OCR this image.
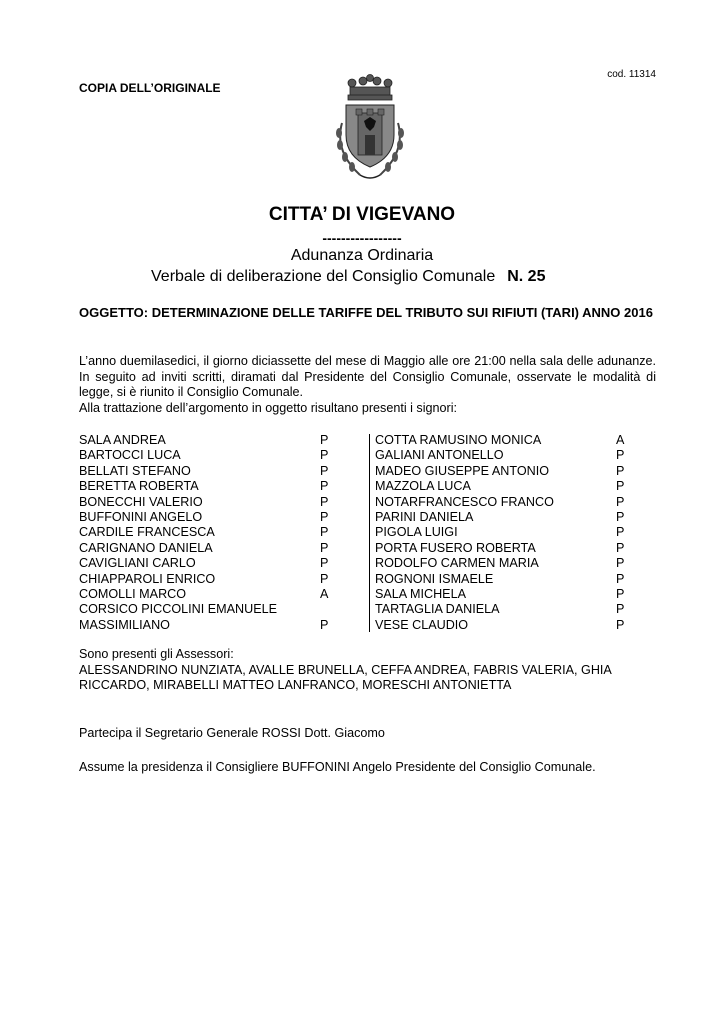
cod. 11314
COPIA DELL’ORIGINALE
CITTA’ DI VIGEVANO
-----------------
Adunanza Ordinaria
Verbale di deliberazione del Consiglio Comunale N. 25
OGGETTO: DETERMINAZIONE DELLE TARIFFE DEL TRIBUTO SUI RIFIUTI (TARI) ANNO 2016

L’anno duemilasedici, il giorno diciassette del mese di Maggio alle ore 21:00 nella sala delle adunanze. In seguito ad inviti scritti, diramati dal Presidente del Consiglio Comunale, osservate le modalità di legge, si è riunito il Consiglio Comunale.

Alla trattazione dell’argomento in oggetto risultano presenti i signori:

SALA ANDREA	P
BARTOCCI LUCA	P
BELLATI STEFANO	P
BERETTA ROBERTA	P
BONECCHI VALERIO	P
BUFFONINI ANGELO	P
CARDILE FRANCESCA	P
CARIGNANO DANIELA	P
CAVIGLIANI CARLO	P
CHIAPPAROLI ENRICO	P
COMOLLI MARCO	A
CORSICO PICCOLINI EMANUELE
MASSIMILIANO	P
COTTA RAMUSINO MONICA	A
GALIANI ANTONELLO	P
MADEO GIUSEPPE ANTONIO	P
MAZZOLA LUCA	P
NOTARFRANCESCO FRANCO	P
PARINI DANIELA	P
PIGOLA LUIGI	P
PORTA FUSERO ROBERTA	P
RODOLFO CARMEN MARIA	P
ROGNONI ISMAELE	P
SALA MICHELA	P
TARTAGLIA DANIELA	P
VESE CLAUDIO	P

Sono presenti gli Assessori:

ALESSANDRINO NUNZIATA, AVALLE BRUNELLA, CEFFA ANDREA, FABRIS VALERIA, GHIA RICCARDO, MIRABELLI MATTEO LANFRANCO, MORESCHI ANTONIETTA

Partecipa il Segretario Generale ROSSI Dott. Giacomo
Assume la presidenza il Consigliere BUFFONINI Angelo Presidente del Consiglio Comunale.
